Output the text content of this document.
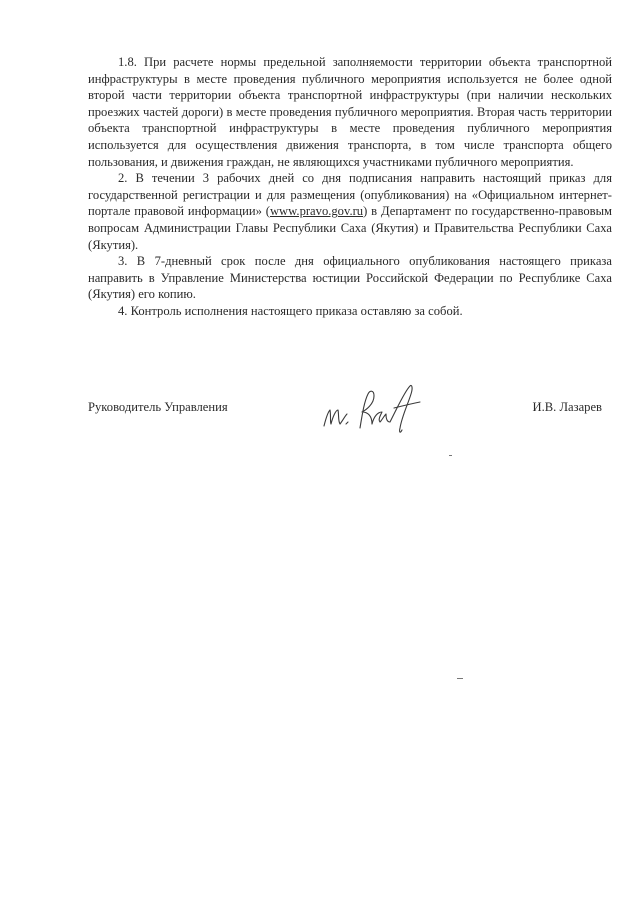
1.8. При расчете нормы предельной заполняемости территории объекта транспортной инфраструктуры в месте проведения публичного мероприятия используется не более одной второй части территории объекта транспортной инфраструктуры (при наличии нескольких проезжих частей дороги) в месте проведения публичного мероприятия. Вторая часть территории объекта транспортной инфраструктуры в месте проведения публичного мероприятия используется для осуществления движения транспорта, в том числе транспорта общего пользования, и движения граждан, не являющихся участниками публичного мероприятия.

2. В течении 3 рабочих дней со дня подписания направить настоящий приказ для государственной регистрации и для размещения (опубликования) на «Официальном интернет-портале правовой информации» (www.pravo.gov.ru) в Департамент по государственно-правовым вопросам Администрации Главы Республики Саха (Якутия) и Правительства Республики Саха (Якутия).

3. В 7-дневный срок после дня официального опубликования настоящего приказа направить в Управление Министерства юстиции Российской Федерации по Республике Саха (Якутия) его копию.

4. Контроль исполнения настоящего приказа оставляю за собой.

Руководитель Управления	И.В. Лазарев
